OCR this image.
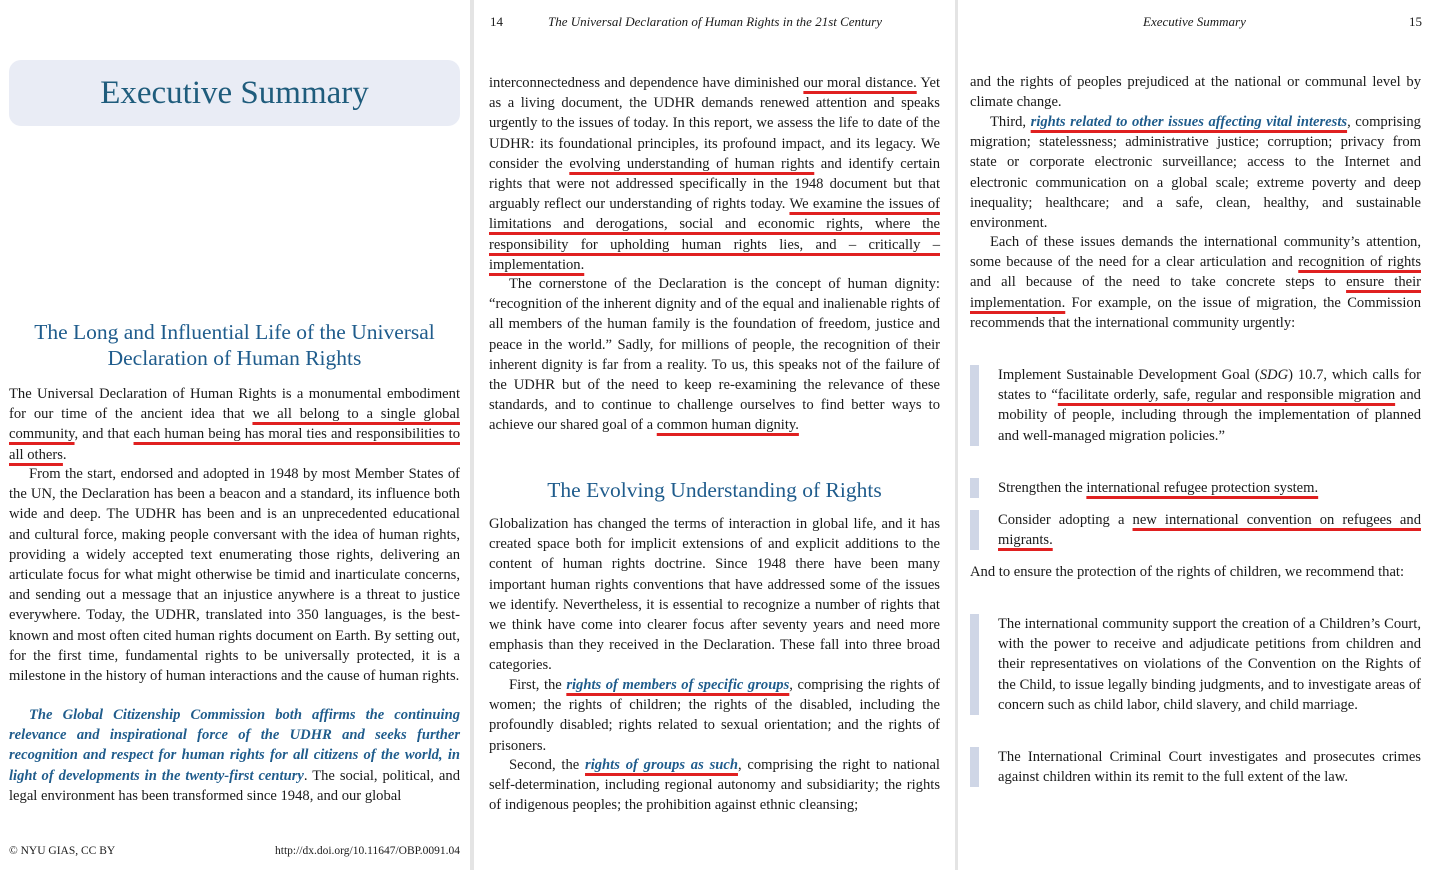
Executive Summary
The Long and Influential Life of the Universal Declaration of Human Rights

The Universal Declaration of Human Rights is a monumental embodiment for our time of the ancient idea that we all belong to a single global community, and that each human being has moral ties and responsibilities to all others.

From the start, endorsed and adopted in 1948 by most Member States of the UN, the Declaration has been a beacon and a standard, its influence both wide and deep. The UDHR has been and is an unprecedented educational and cultural force, making people conversant with the idea of human rights, providing a widely accepted text enumerating those rights, delivering an articulate focus for what might otherwise be timid and inarticulate concerns, and sending out a message that an injustice anywhere is a threat to justice everywhere. Today, the UDHR, translated into 350 languages, is the best-known and most often cited human rights document on Earth. By setting out, for the first time, fundamental rights to be universally protected, it is a milestone in the history of human interactions and the cause of human rights.

The Global Citizenship Commission both affirms the continuing relevance and inspirational force of the UDHR and seeks further recognition and respect for human rights for all citizens of the world, in light of developments in the twenty-first century. The social, political, and legal environment has been transformed since 1948, and our global

© NYU GIAS, CC BY	http://dx.doi.org/10.11647/OBP.0091.04
14	The Universal Declaration of Human Rights in the 21st Century

interconnectedness and dependence have diminished our moral distance. Yet as a living document, the UDHR demands renewed attention and speaks urgently to the issues of today. In this report, we assess the life to date of the UDHR: its foundational principles, its profound impact, and its legacy. We consider the evolving understanding of human rights and identify certain rights that were not addressed specifically in the 1948 document but that arguably reflect our understanding of rights today. We examine the issues of limitations and derogations, social and economic rights, where the responsibility for upholding human rights lies, and – critically – implementation.

The cornerstone of the Declaration is the concept of human dignity: “recognition of the inherent dignity and of the equal and inalienable rights of all members of the human family is the foundation of freedom, justice and peace in the world.” Sadly, for millions of people, the recognition of their inherent dignity is far from a reality. To us, this speaks not of the failure of the UDHR but of the need to keep re-examining the relevance of these standards, and to continue to challenge ourselves to find better ways to achieve our shared goal of a common human dignity.

The Evolving Understanding of Rights

Globalization has changed the terms of interaction in global life, and it has created space both for implicit extensions of and explicit additions to the content of human rights doctrine. Since 1948 there have been many important human rights conventions that have addressed some of the issues we identify. Nevertheless, it is essential to recognize a number of rights that we think have come into clearer focus after seventy years and need more emphasis than they received in the Declaration. These fall into three broad categories.

First, the rights of members of specific groups, comprising the rights of women; the rights of children; the rights of the disabled, including the profoundly disabled; rights related to sexual orientation; and the rights of prisoners.

Second, the rights of groups as such, comprising the right to national self-determination, including regional autonomy and subsidiarity; the rights of indigenous peoples; the prohibition against ethnic cleansing;

Executive Summary	15

and the rights of peoples prejudiced at the national or communal level by climate change.

Third, rights related to other issues affecting vital interests, comprising migration; statelessness; administrative justice; corruption; privacy from state or corporate electronic surveillance; access to the Internet and electronic communication on a global scale; extreme poverty and deep inequality; healthcare; and a safe, clean, healthy, and sustainable environment.

Each of these issues demands the international community’s attention, some because of the need for a clear articulation and recognition of rights and all because of the need to take concrete steps to ensure their implementation. For example, on the issue of migration, the Commission recommends that the international community urgently:

Implement Sustainable Development Goal (SDG) 10.7, which calls for states to “facilitate orderly, safe, regular and responsible migration and mobility of people, including through the implementation of planned and well-managed migration policies.”

Strengthen the international refugee protection system.

Consider adopting a new international convention on refugees and migrants.

And to ensure the protection of the rights of children, we recommend that:

The international community support the creation of a Children’s Court, with the power to receive and adjudicate petitions from children and their representatives on violations of the Convention on the Rights of the Child, to issue legally binding judgments, and to investigate areas of concern such as child labor, child slavery, and child marriage.

The International Criminal Court investigates and prosecutes crimes against children within its remit to the full extent of the law.
